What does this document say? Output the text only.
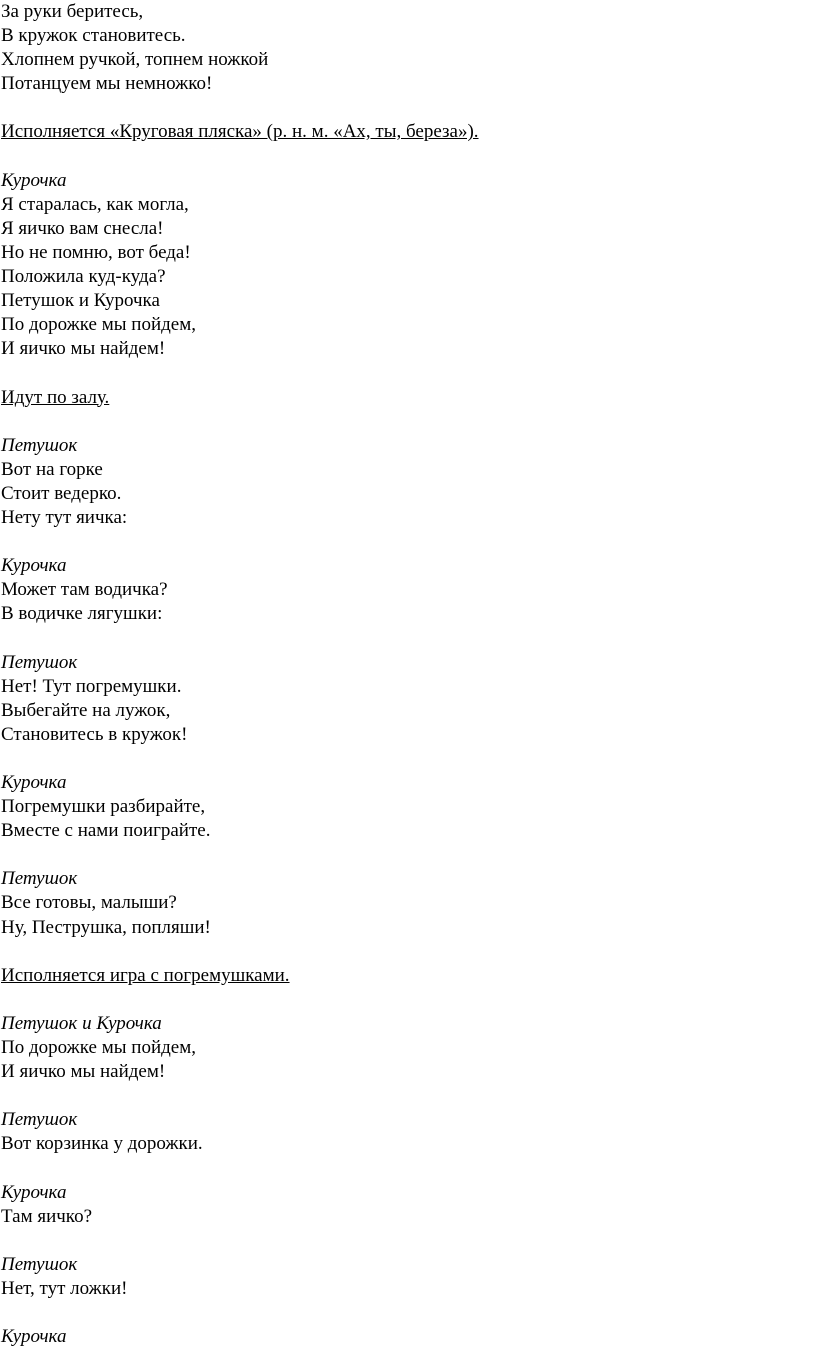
За руки беритесь,
В кружок становитесь.
Хлопнем ручкой, топнем ножкой
Потанцуем мы немножко!
Исполняется «Круговая пляска» (р. н. м. «Ах, ты, береза»).
Курочка
Я старалась, как могла,
Я яичко вам снесла!
Но не помню, вот беда!
Положила куд-куда?
Петушок и Курочка
По дорожке мы пойдем,
И яичко мы найдем!
Идут по залу.
Петушок
Вот на горке
Стоит ведерко.
Нету тут яичка:
Курочка
Может там водичка?
В водичке лягушки:
Петушок
Нет! Тут погремушки.
Выбегайте на лужок,
Становитесь в кружок!
Курочка
Погремушки разбирайте,
Вместе с нами поиграйте.
Петушок
Все готовы, малыши?
Ну, Пеструшка, попляши!
Исполняется игра с погремушками.
Петушок и Курочка
По дорожке мы пойдем,
И яичко мы найдем!
Петушок
Вот корзинка у дорожки.
Курочка
Там яичко?
Петушок
Нет, тут ложки!
Курочка
